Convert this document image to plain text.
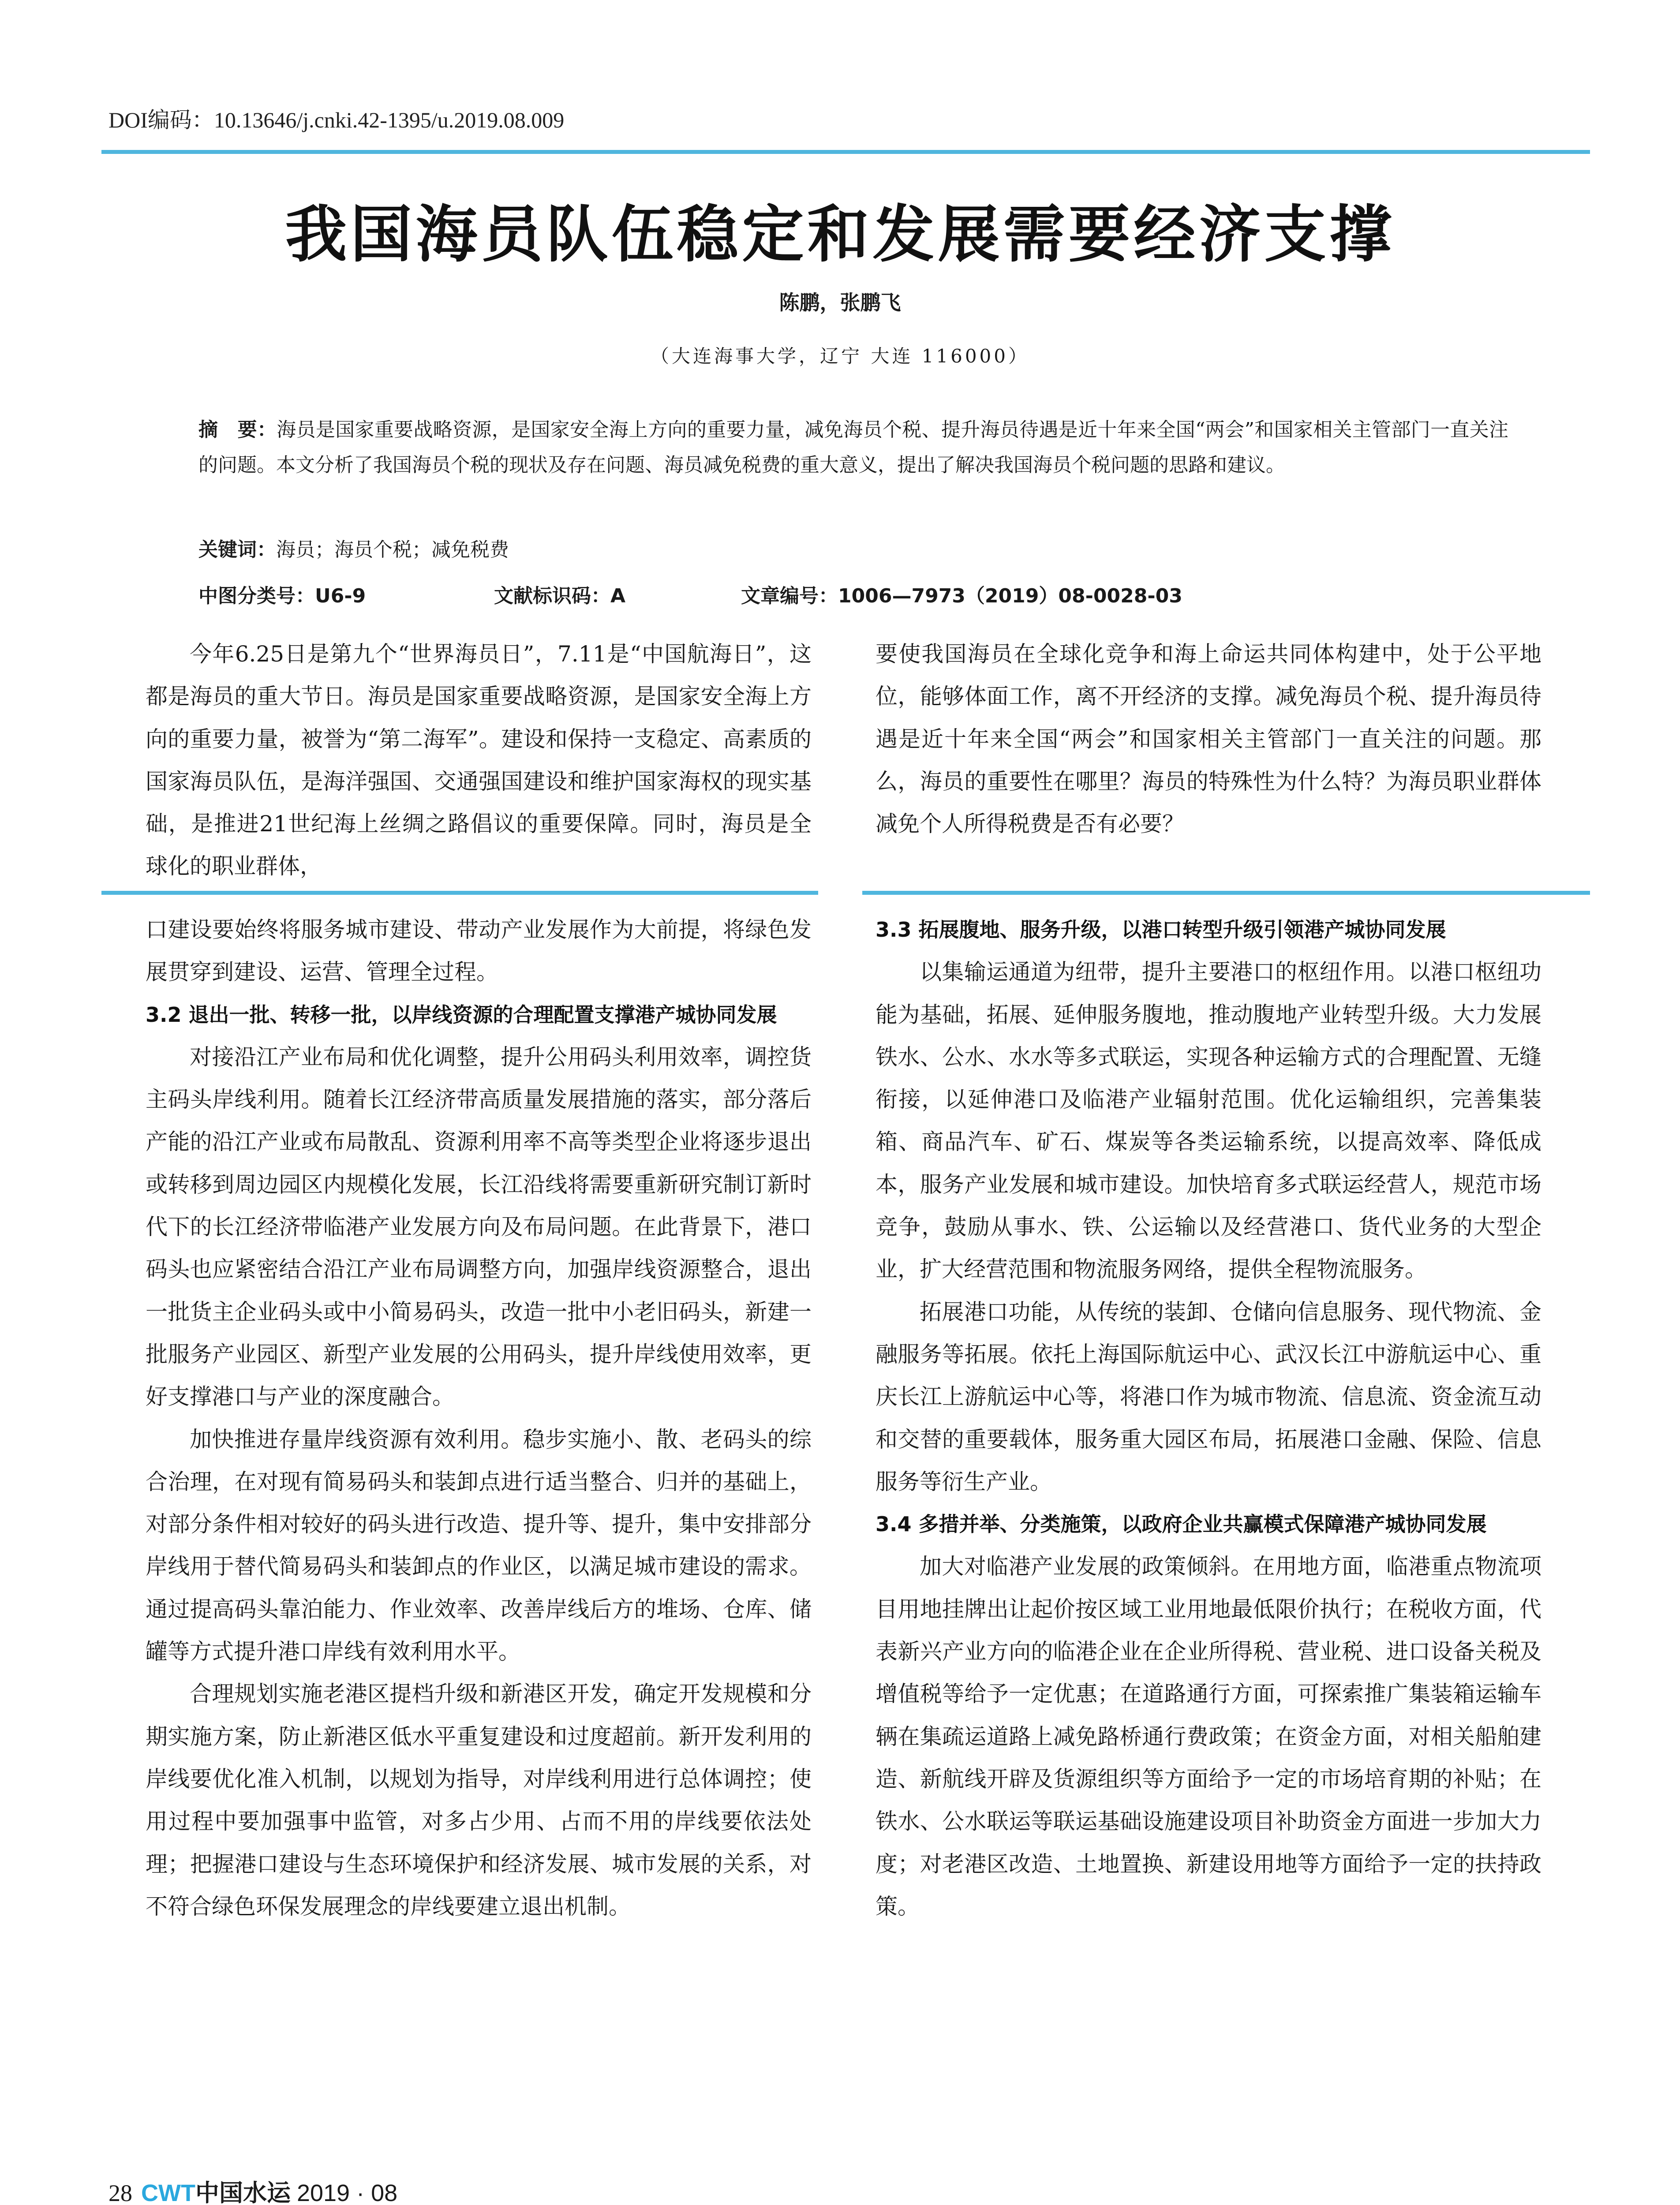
DOI编码：10.13646/j.cnki.42-1395/u.2019.08.009
我国海员队伍稳定和发展需要经济支撑
陈鹏，张鹏飞
（大连海事大学，辽宁 大连 116000）
摘　要：海员是国家重要战略资源，是国家安全海上方向的重要力量，减免海员个税、提升海员待遇是近十年来全国“两会”和国家相关主管部门一直关注的问题。本文分析了我国海员个税的现状及存在问题、海员减免税费的重大意义，提出了解决我国海员个税问题的思路和建议。
关键词：海员；海员个税；减免税费
中图分类号：U6-9	文献标识码：A	文章编号：1006—7973（2019）08-0028-03

今年6.25日是第九个“世界海员日”，7.11是“中国航海日”，这都是海员的重大节日。海员是国家重要战略资源，是国家安全海上方向的重要力量，被誉为“第二海军”。建设和保持一支稳定、高素质的国家海员队伍，是海洋强国、交通强国建设和维护国家海权的现实基础，是推进21世纪海上丝绸之路倡议的重要保障。同时，海员是全球化的职业群体，

要使我国海员在全球化竞争和海上命运共同体构建中，处于公平地位，能够体面工作，离不开经济的支撑。减免海员个税、提升海员待遇是近十年来全国“两会”和国家相关主管部门一直关注的问题。那么，海员的重要性在哪里？海员的特殊性为什么特？为海员职业群体减免个人所得税费是否有必要？

口建设要始终将服务城市建设、带动产业发展作为大前提，将绿色发展贯穿到建设、运营、管理全过程。

3.2 退出一批、转移一批，以岸线资源的合理配置支撑港产城协同发展

对接沿江产业布局和优化调整，提升公用码头利用效率，调控货主码头岸线利用。随着长江经济带高质量发展措施的落实，部分落后产能的沿江产业或布局散乱、资源利用率不高等类型企业将逐步退出或转移到周边园区内规模化发展，长江沿线将需要重新研究制订新时代下的长江经济带临港产业发展方向及布局问题。在此背景下，港口码头也应紧密结合沿江产业布局调整方向，加强岸线资源整合，退出一批货主企业码头或中小简易码头，改造一批中小老旧码头，新建一批服务产业园区、新型产业发展的公用码头，提升岸线使用效率，更好支撑港口与产业的深度融合。

加快推进存量岸线资源有效利用。稳步实施小、散、老码头的综合治理，在对现有简易码头和装卸点进行适当整合、归并的基础上，对部分条件相对较好的码头进行改造、提升等、提升，集中安排部分岸线用于替代简易码头和装卸点的作业区，以满足城市建设的需求。通过提高码头靠泊能力、作业效率、改善岸线后方的堆场、仓库、储罐等方式提升港口岸线有效利用水平。

合理规划实施老港区提档升级和新港区开发，确定开发规模和分期实施方案，防止新港区低水平重复建设和过度超前。新开发利用的岸线要优化准入机制，以规划为指导，对岸线利用进行总体调控；使用过程中要加强事中监管，对多占少用、占而不用的岸线要依法处理；把握港口建设与生态环境保护和经济发展、城市发展的关系，对不符合绿色环保发展理念的岸线要建立退出机制。

3.3 拓展腹地、服务升级，以港口转型升级引领港产城协同发展

以集输运通道为纽带，提升主要港口的枢纽作用。以港口枢纽功能为基础，拓展、延伸服务腹地，推动腹地产业转型升级。大力发展铁水、公水、水水等多式联运，实现各种运输方式的合理配置、无缝衔接，以延伸港口及临港产业辐射范围。优化运输组织，完善集装箱、商品汽车、矿石、煤炭等各类运输系统，以提高效率、降低成本，服务产业发展和城市建设。加快培育多式联运经营人，规范市场竞争，鼓励从事水、铁、公运输以及经营港口、货代业务的大型企业，扩大经营范围和物流服务网络，提供全程物流服务。

拓展港口功能，从传统的装卸、仓储向信息服务、现代物流、金融服务等拓展。依托上海国际航运中心、武汉长江中游航运中心、重庆长江上游航运中心等，将港口作为城市物流、信息流、资金流互动和交替的重要载体，服务重大园区布局，拓展港口金融、保险、信息服务等衍生产业。

3.4 多措并举、分类施策，以政府企业共赢模式保障港产城协同发展

加大对临港产业发展的政策倾斜。在用地方面，临港重点物流项目用地挂牌出让起价按区域工业用地最低限价执行；在税收方面，代表新兴产业方向的临港企业在企业所得税、营业税、进口设备关税及增值税等给予一定优惠；在道路通行方面，可探索推广集装箱运输车辆在集疏运道路上减免路桥通行费政策；在资金方面，对相关船舶建造、新航线开辟及货源组织等方面给予一定的市场培育期的补贴；在铁水、公水联运等联运基础设施建设项目补助资金方面进一步加大力度；对老港区改造、土地置换、新建设用地等方面给予一定的扶持政策。

28 CWT中国水运 2019 · 08
